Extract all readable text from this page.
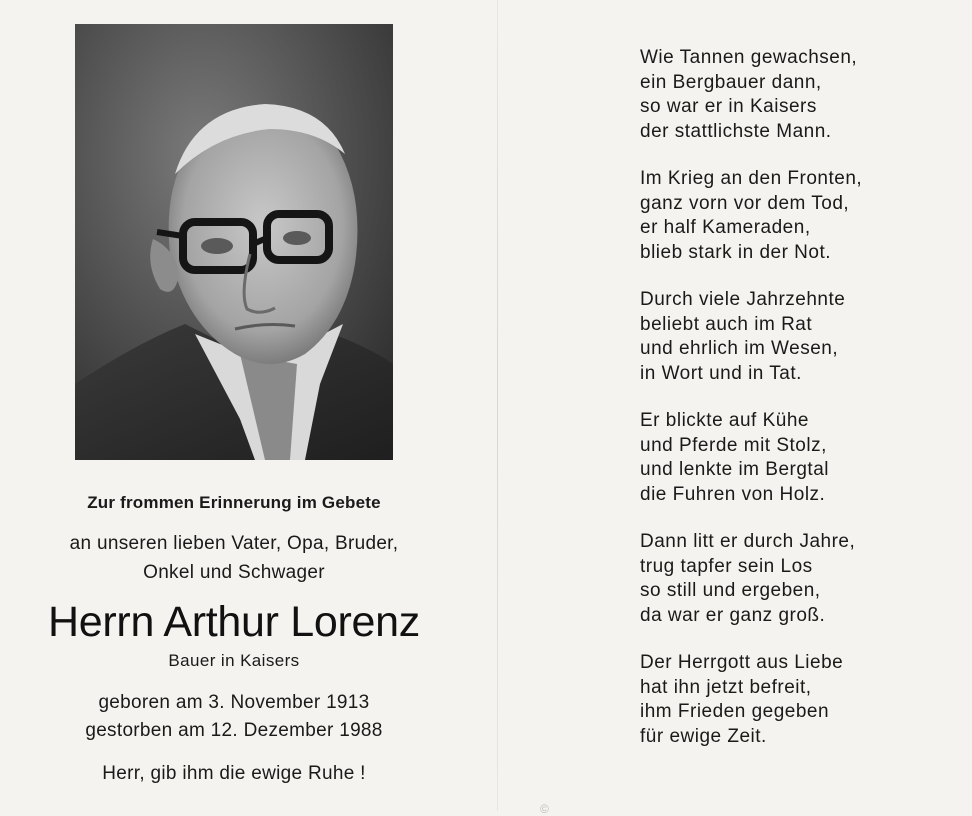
Zur frommen Erinnerung im Gebete
an unseren lieben Vater, Opa, Bruder,
Onkel und Schwager
Herrn Arthur Lorenz
Bauer in Kaisers
geboren am 3. November 1913
gestorben am 12. Dezember 1988
Herr, gib ihm die ewige Ruhe !
Wie Tannen gewachsen,
ein Bergbauer dann,
so war er in Kaisers
der stattlichste Mann.
Im Krieg an den Fronten,
ganz vorn vor dem Tod,
er half Kameraden,
blieb stark in der Not.
Durch viele Jahrzehnte
beliebt auch im Rat
und ehrlich im Wesen,
in Wort und in Tat.
Er blickte auf Kühe
und Pferde mit Stolz,
und lenkte im Bergtal
die Fuhren von Holz.
Dann litt er durch Jahre,
trug tapfer sein Los
so still und ergeben,
da war er ganz groß.
Der Herrgott aus Liebe
hat ihn jetzt befreit,
ihm Frieden gegeben
für ewige Zeit.
©
